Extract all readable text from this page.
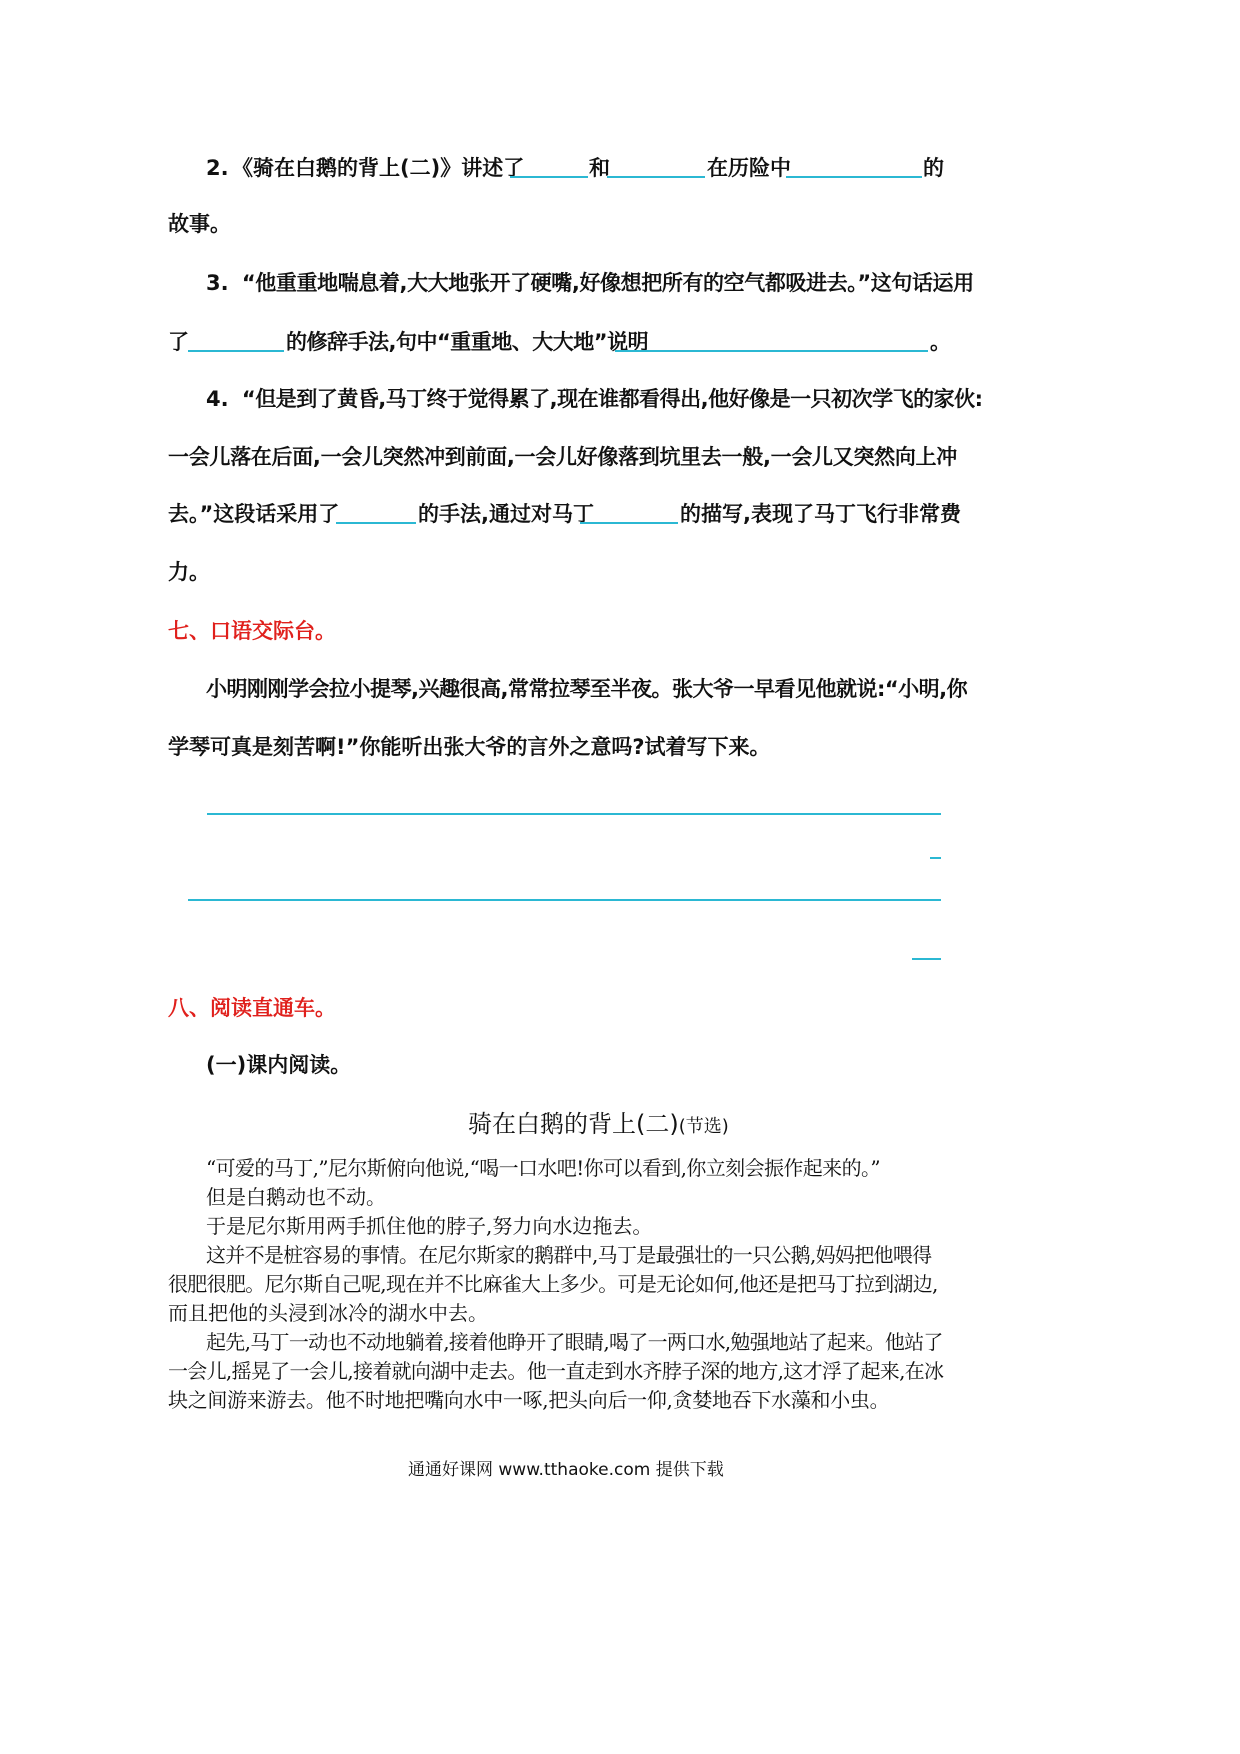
2. 《骑在白鹅的背上(二)》讲述了	和	在历险中	的
故事。
3. “他重重地喘息着,大大地张开了硬嘴,好像想把所有的空气都吸进去。”这句话运用
了	的修辞手法,句中“重重地、大大地”说明	。
4. “但是到了黄昏,马丁终于觉得累了,现在谁都看得出,他好像是一只初次学飞的家伙:
一会儿落在后面,一会儿突然冲到前面,一会儿好像落到坑里去一般,一会儿又突然向上冲
去。”这段话采用了	的手法,通过对马丁	的描写,表现了马丁飞行非常费
力。
七、口语交际台。
小明刚刚学会拉小提琴,兴趣很高,常常拉琴至半夜。张大爷一早看见他就说:“小明,你
学琴可真是刻苦啊!”你能听出张大爷的言外之意吗?试着写下来。
八、阅读直通车。
(一)课内阅读。
骑在白鹅的背上(二)(节选)
“可爱的马丁,”尼尔斯俯向他说,“喝一口水吧!你可以看到,你立刻会振作起来的。”
但是白鹅动也不动。
于是尼尔斯用两手抓住他的脖子,努力向水边拖去。
这并不是桩容易的事情。在尼尔斯家的鹅群中,马丁是最强壮的一只公鹅,妈妈把他喂得
很肥很肥。尼尔斯自己呢,现在并不比麻雀大上多少。可是无论如何,他还是把马丁拉到湖边,
而且把他的头浸到冰冷的湖水中去。
起先,马丁一动也不动地躺着,接着他睁开了眼睛,喝了一两口水,勉强地站了起来。他站了
一会儿,摇晃了一会儿,接着就向湖中走去。他一直走到水齐脖子深的地方,这才浮了起来,在冰
块之间游来游去。他不时地把嘴向水中一啄,把头向后一仰,贪婪地吞下水藻和小虫。
通通好课网 www.tthaoke.com 提供下载
